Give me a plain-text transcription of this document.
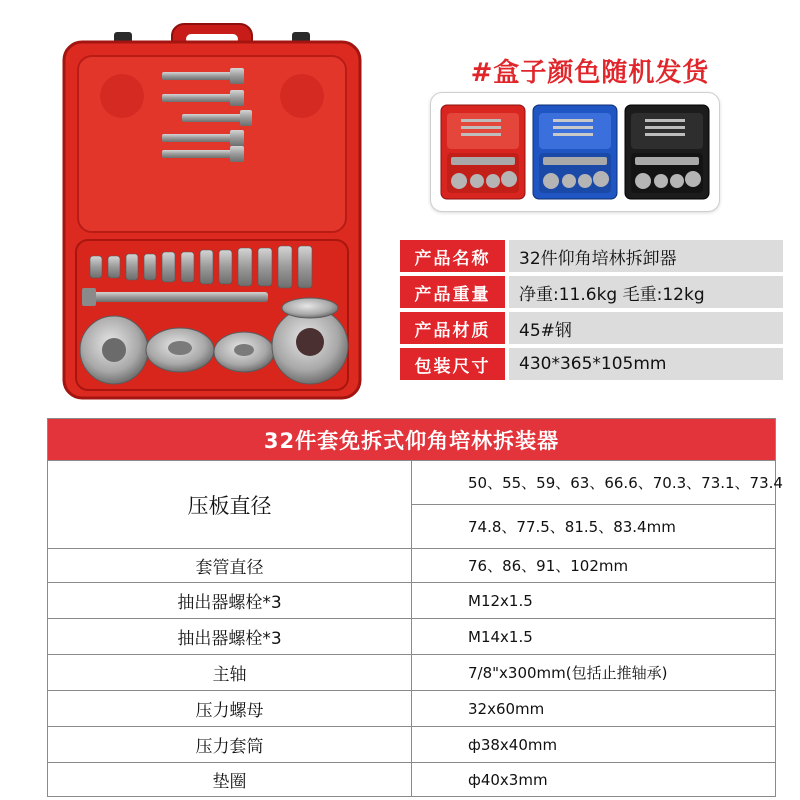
#盒子颜色随机发货
产品名称	32件仰角培林拆卸器
产品重量	净重:11.6kg 毛重:12kg
产品材质	45#钢
包装尺寸	430*365*105mm
32件套免拆式仰角培林拆装器	
压板直径	50、55、59、63、66.6、70.3、73.1、73.4
	74.8、77.5、81.5、83.4mm
套管直径	76、86、91、102mm
抽出器螺栓*3	M12x1.5
抽出器螺栓*3	M14x1.5
主轴	7/8"x300mm(包括止推轴承)
压力螺母	32x60mm
压力套筒	ф38x40mm
垫圈	ф40x3mm
